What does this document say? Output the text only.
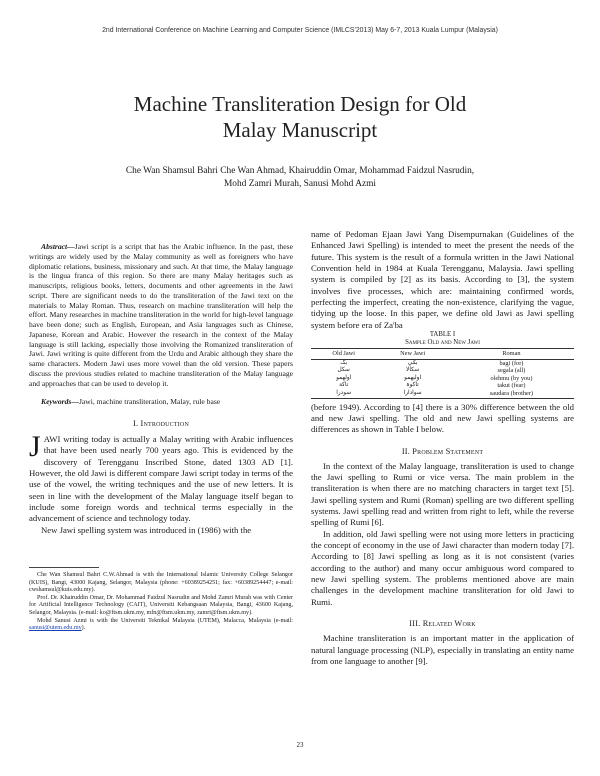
2nd International Conference on Machine Learning and Computer Science (IMLCS'2013) May 6-7, 2013 Kuala Lumpur (Malaysia)
Machine Transliteration Design for Old
Malay Manuscript
Che Wan Shamsul Bahri Che Wan Ahmad, Khairuddin Omar, Mohammad Faidzul Nasrudin,
Mohd Zamri Murah, Sanusi Mohd Azmi

Abstract—Jawi script is a script that has the Arabic influence. In the past, these writings are widely used by the Malay community as well as foreigners who have diplomatic relations, business, missionary and such. At that time, the Malay language is the lingua franca of this region. So there are many Malay heritages such as manuscripts, religious books, letters, documents and other agreements in the Jawi script. There are significant needs to do the transliteration of the Jawi text on the materials to Malay Roman. Thus, research on machine transliteration will help the effort. Many researches in machine transliteration in the world for high-level language have been done; such as English, European, and Asia languages such as Chinese, Japanese, Korean and Arabic. However the research in the context of the Malay language is still lacking, especially those involving the Romanized transliteration of Jawi. Jawi writing is quite different from the Urdu and Arabic although they share the same characters. Modern Jawi uses more vowel than the old version. These papers discuss the previous studies related to machine transliteration of the Malay language and approaches that can be used to develop it.

Keywords—Jawi, machine transliteration, Malay, rule base

I. Introduction

JAWI writing today is actually a Malay writing with Arabic influences that have been used nearly 700 years ago. This is evidenced by the discovery of Terengganu Inscribed Stone, dated 1303 AD [1]. However, the old Jawi is different compare Jawi script today in terms of the use of the vowel, the writing techniques and the use of new letters. It is seen in line with the development of the Malay language itself began to include some foreign words and technical terms especially in the advancement of science and technology today.

New Jawi spelling system was introduced in (1986) with the

Che Wan Shamsul Bahri C.W.Ahmad is with the International Islamic University College Selangor (KUIS), Bangi, 43000 Kajang, Selangor, Malaysia (phone: +60389254251; fax: +60389254447; e-mail: cwshamsul@kuis.edu.my).

Prof. Dr. Khairuddin Omar, Dr. Mohammad Faidzul Nasrudin and Mohd Zamri Murah was with Center for Artificial Intelligence Technology (CAIT), Universiti Kebangsaan Malaysia, Bangi, 43600 Kajang, Selangor, Malaysia. (e-mail: ko@ftsm.ukm.my, mfn@ftsm.ukm.my, zamri@ftsm.ukm.my).

Mohd Sanusi Azmi is with the Universiti Teknikal Malaysia (UTEM), Malacca, Malaysia (e-mail: sanusi@utem.edu.my).

name of Pedoman Ejaan Jawi Yang Disempurnakan (Guidelines of the Enhanced Jawi Spelling) is intended to meet the present the needs of the future. This system is the result of a formula written in the Jawi National Convention held in 1984 at Kuala Terengganu, Malaysia. Jawi spelling system is compiled by [2] as its basis. According to [3], the system involves five processes, which are: maintaining confirmed words, perfecting the imperfect, creating the non-existence, clarifying the vague, tidying up the loose. In this paper, we define old Jawi as Jawi spelling system before era of Za'ba

TABLE I
Sample Old and New Jawi
Old Jawi	New Jawi	Roman
بک	بݢي	bagi (for)
سکل	سکالا	segala (all)
اولهمو	اوليهمو	olehmu (by you)
تاکة	تاکوة	takut (fear)
سودرا	سوادارا	saudara (brother)

(before 1949). According to [4] there is a 30% difference between the old and new Jawi spelling. The old and new Jawi spelling systems are differences as shown in Table I below.

II. Problem Statement

In the context of the Malay language, transliteration is used to change the Jawi spelling to Rumi or vice versa. The main problem in the transliteration is when there are no matching characters in target text [5]. Jawi spelling system and Rumi (Roman) spelling are two different spelling systems. Jawi spelling read and written from right to left, while the reverse spelling of Rumi [6].

In addition, old Jawi spelling were not using more letters in practicing the concept of economy in the use of Jawi character than modern today [7]. According to [8] Jawi spelling as long as it is not consistent (varies according to the author) and many occur ambiguous word compared to new Jawi spelling system. The problems mentioned above are main challenges in the development machine transliteration for old Jawi to Rumi.

III. Related Work

Machine transliteration is an important matter in the application of natural language processing (NLP), especially in translating an entity name from one language to another [9].

23
